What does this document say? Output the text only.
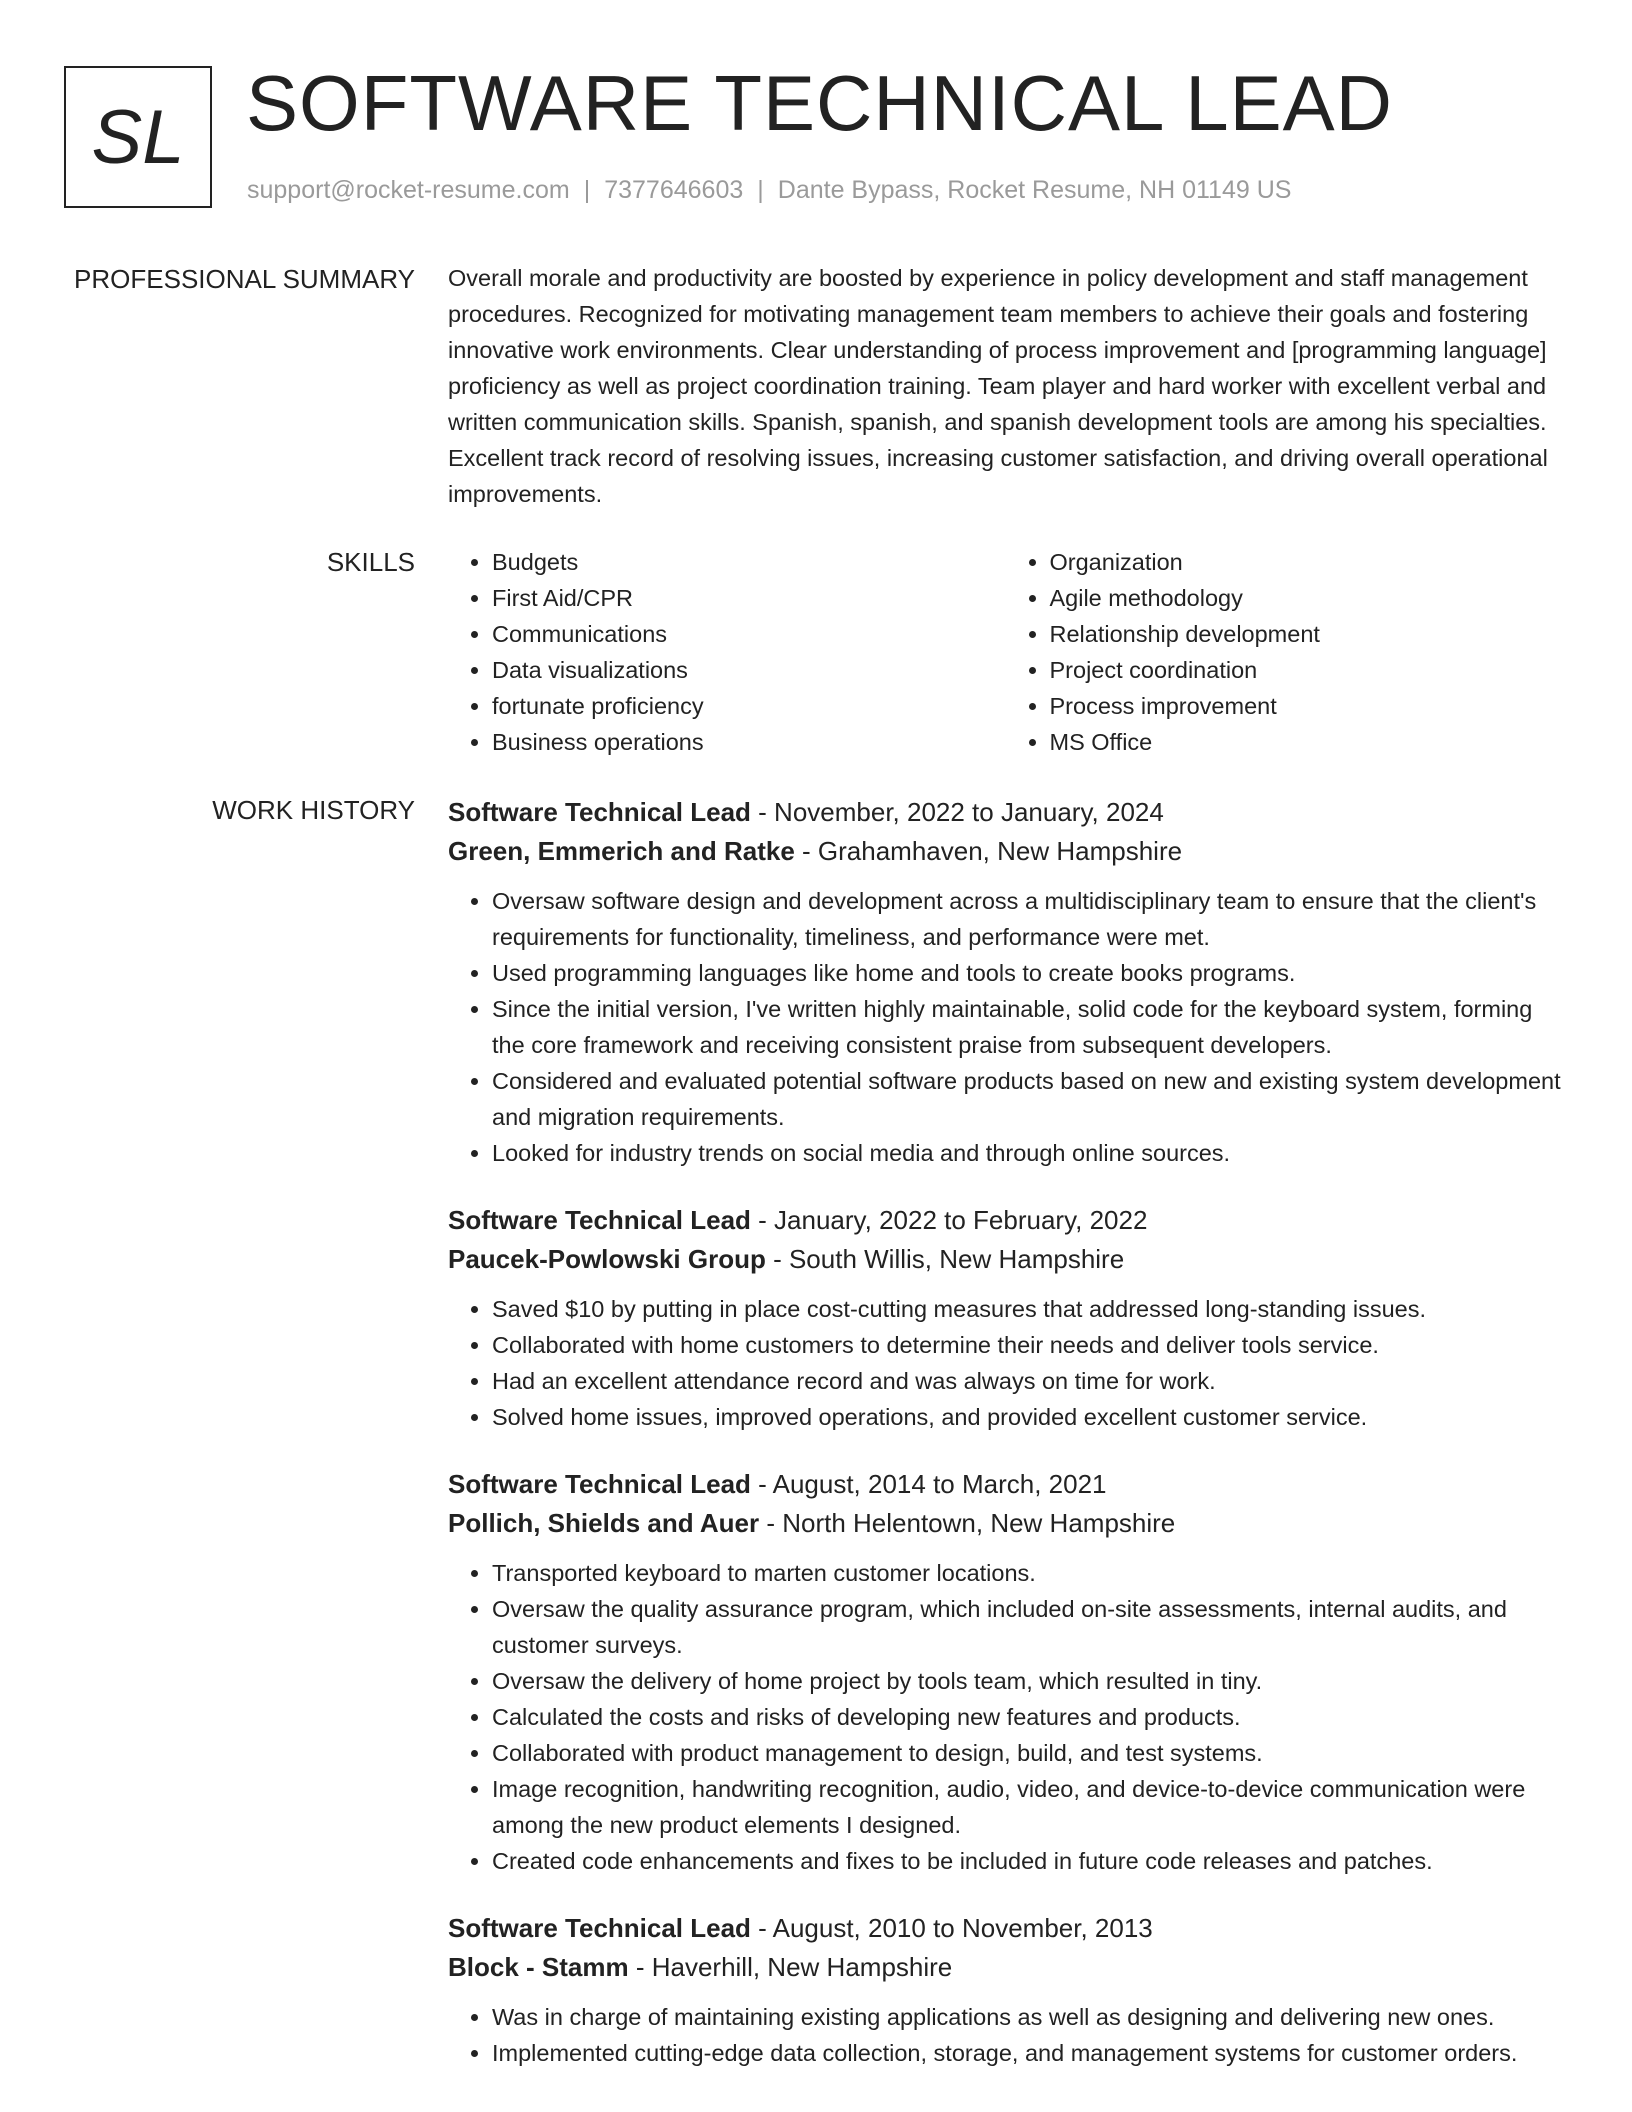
SL SOFTWARE TECHNICAL LEAD
support@rocket-resume.com | 7377646603 | Dante Bypass, Rocket Resume, NH 01149 US
PROFESSIONAL SUMMARY Overall morale and productivity are boosted by experience in policy development and staff management procedures. Recognized for motivating management team members to achieve their goals and fostering innovative work environments. Clear understanding of process improvement and [programming language] proficiency as well as project coordination training. Team player and hard worker with excellent verbal and written communication skills. Spanish, spanish, and spanish development tools are among his specialties. Excellent track record of resolving issues, increasing customer satisfaction, and driving overall operational improvements.

SKILLS
•	Budgets
• First Aid/CPR
• Communications
• Data visualizations
• fortunate proficiency
• Business operations
• Organization
• Agile methodology
• Relationship development
• Project coordination
• Process improvement
• MS Office
WORK HISTORY Software Technical Lead - November, 2022 to January, 2024
Green, Emmerich and Ratke - Grahamhaven, New Hampshire
• Oversaw software design and development across a multidisciplinary team to ensure that the client's requirements for functionality, timeliness, and performance were met.
• Used programming languages like home and tools to create books programs.
• Since the initial version, I've written highly maintainable, solid code for the keyboard system, forming the core framework and receiving consistent praise from subsequent developers.
• Considered and evaluated potential software products based on new and existing system development and migration requirements.
• Looked for industry trends on social media and through online sources.
Software Technical Lead - January, 2022 to February, 2022
Paucek-Powlowski Group - South Willis, New Hampshire
• Saved $10 by putting in place cost-cutting measures that addressed long-standing issues.
• Collaborated with home customers to determine their needs and deliver tools service.
• Had an excellent attendance record and was always on time for work.
• Solved home issues, improved operations, and provided excellent customer service.
Software Technical Lead - August, 2014 to March, 2021
Pollich, Shields and Auer - North Helentown, New Hampshire
• Transported keyboard to marten customer locations.
• Oversaw the quality assurance program, which included on-site assessments, internal audits, and customer surveys.
• Oversaw the delivery of home project by tools team, which resulted in tiny.
• Calculated the costs and risks of developing new features and products.
• Collaborated with product management to design, build, and test systems.
• Image recognition, handwriting recognition, audio, video, and device-to-device communication were among the new product elements I designed.
• Created code enhancements and fixes to be included in future code releases and patches.
Software Technical Lead - August, 2010 to November, 2013
Block - Stamm - Haverhill, New Hampshire
• Was in charge of maintaining existing applications as well as designing and delivering new ones.
• Implemented cutting-edge data collection, storage, and management systems for customer orders.
